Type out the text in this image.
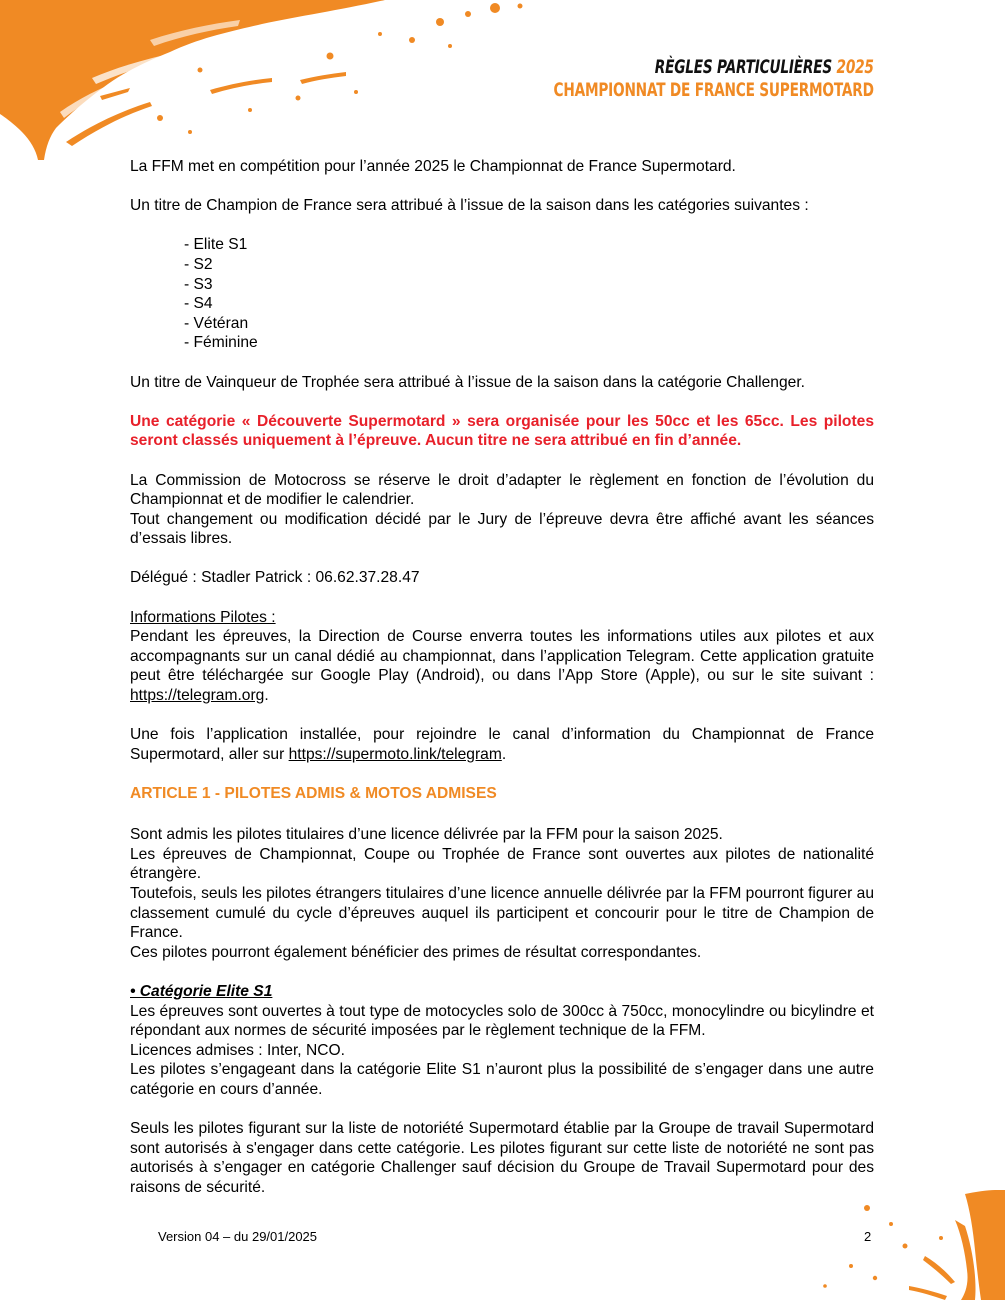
RÈGLES PARTICULIÈRES 2025
CHAMPIONNAT DE FRANCE SUPERMOTARD

La FFM met en compétition pour l’année 2025 le Championnat de France Supermotard.

Un titre de Champion de France sera attribué à l’issue de la saison dans les catégories suivantes :

- Elite S1

- S2

- S3

- S4

- Vétéran

- Féminine

Un titre de Vainqueur de Trophée sera attribué à l’issue de la saison dans la catégorie Challenger.

Une catégorie « Découverte Supermotard » sera organisée pour les 50cc et les 65cc. Les pilotes seront classés uniquement à l’épreuve. Aucun titre ne sera attribué en fin d’année.

La Commission de Motocross se réserve le droit d’adapter le règlement en fonction de l’évolution du Championnat et de modifier le calendrier.

Tout changement ou modification décidé par le Jury de l’épreuve devra être affiché avant les séances d’essais libres.

Délégué : Stadler Patrick : 06.62.37.28.47

Informations Pilotes :

Pendant les épreuves, la Direction de Course enverra toutes les informations utiles aux pilotes et aux accompagnants sur un canal dédié au championnat, dans l’application Telegram. Cette application gratuite peut être téléchargée sur Google Play (Android), ou dans l’App Store (Apple), ou sur le site suivant : https://telegram.org.

Une fois l’application installée, pour rejoindre le canal d’information du Championnat de France Supermotard, aller sur https://supermoto.link/telegram.

ARTICLE 1 - PILOTES ADMIS & MOTOS ADMISES

Sont admis les pilotes titulaires d’une licence délivrée par la FFM pour la saison 2025.

Les épreuves de Championnat, Coupe ou Trophée de France sont ouvertes aux pilotes de nationalité étrangère.

Toutefois, seuls les pilotes étrangers titulaires d’une licence annuelle délivrée par la FFM pourront figurer au classement cumulé du cycle d’épreuves auquel ils participent et concourir pour le titre de Champion de France.

Ces pilotes pourront également bénéficier des primes de résultat correspondantes.

• Catégorie Elite S1

Les épreuves sont ouvertes à tout type de motocycles solo de 300cc à 750cc, monocylindre ou bicylindre et répondant aux normes de sécurité imposées par le règlement technique de la FFM.

Licences admises : Inter, NCO.

Les pilotes s’engageant dans la catégorie Elite S1 n’auront plus la possibilité de s’engager dans une autre catégorie en cours d’année.

Seuls les pilotes figurant sur la liste de notoriété Supermotard établie par la Groupe de travail Supermotard sont autorisés à s'engager dans cette catégorie. Les pilotes figurant sur cette liste de notoriété ne sont pas autorisés à s’engager en catégorie Challenger sauf décision du Groupe de Travail Supermotard pour des raisons de sécurité.

Version 04 – du 29/01/2025	2
